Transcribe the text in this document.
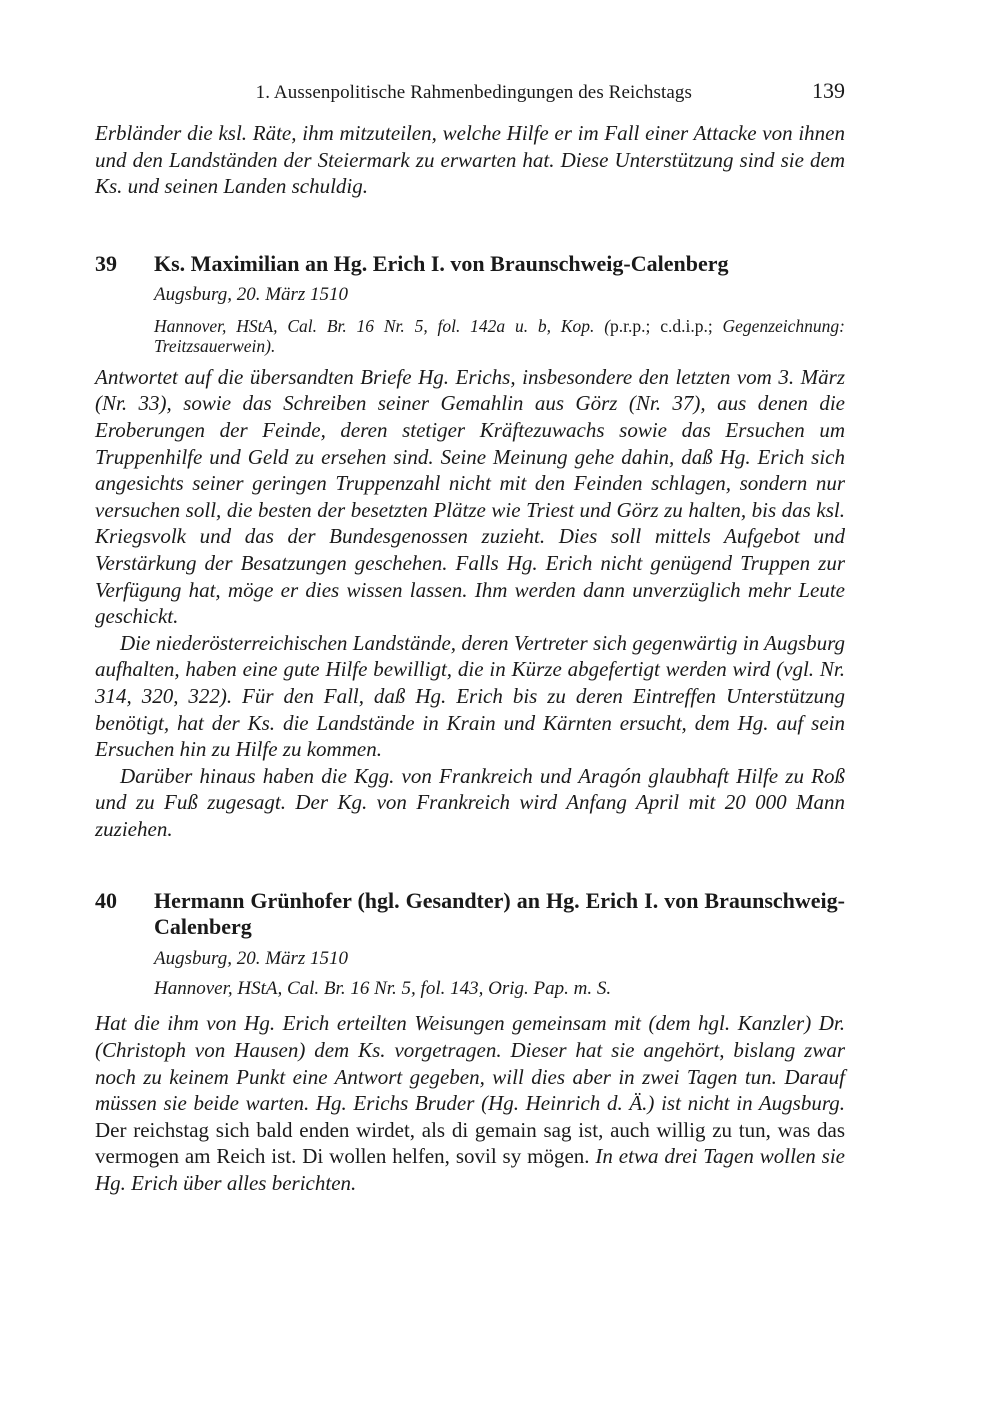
1. Aussenpolitische Rahmenbedingungen des Reichstags	139

Erbländer die ksl. Räte, ihm mitzuteilen, welche Hilfe er im Fall einer Attacke von ihnen und den Landständen der Steiermark zu erwarten hat. Diese Unterstützung sind sie dem Ks. und seinen Landen schuldig.

39	Ks. Maximilian an Hg. Erich I. von Braunschweig-Calenberg
Augsburg, 20. März 1510
Hannover, HStA, Cal. Br. 16 Nr. 5, fol. 142a u. b, Kop. (p.r.p.; c.d.i.p.; Gegenzeichnung: Treitzsauerwein).

Antwortet auf die übersandten Briefe Hg. Erichs, insbesondere den letzten vom 3. März (Nr. 33), sowie das Schreiben seiner Gemahlin aus Görz (Nr. 37), aus denen die Eroberungen der Feinde, deren stetiger Kräftezuwachs sowie das Ersuchen um Truppenhilfe und Geld zu ersehen sind. Seine Meinung gehe dahin, daß Hg. Erich sich angesichts seiner geringen Truppenzahl nicht mit den Feinden schlagen, sondern nur versuchen soll, die besten der besetzten Plätze wie Triest und Görz zu halten, bis das ksl. Kriegsvolk und das der Bundesgenossen zuzieht. Dies soll mittels Aufgebot und Verstärkung der Besatzungen geschehen. Falls Hg. Erich nicht genügend Truppen zur Verfügung hat, möge er dies wissen lassen. Ihm werden dann unverzüglich mehr Leute geschickt.

Die niederösterreichischen Landstände, deren Vertreter sich gegenwärtig in Augsburg aufhalten, haben eine gute Hilfe bewilligt, die in Kürze abgefertigt werden wird (vgl. Nr. 314, 320, 322). Für den Fall, daß Hg. Erich bis zu deren Eintreffen Unterstützung benötigt, hat der Ks. die Landstände in Krain und Kärnten ersucht, dem Hg. auf sein Ersuchen hin zu Hilfe zu kommen.

Darüber hinaus haben die Kgg. von Frankreich und Aragón glaubhaft Hilfe zu Roß und zu Fuß zugesagt. Der Kg. von Frankreich wird Anfang April mit 20 000 Mann zuziehen.

40	Hermann Grünhofer (hgl. Gesandter) an Hg. Erich I. von Braunschweig-Calenberg
Augsburg, 20. März 1510
Hannover, HStA, Cal. Br. 16 Nr. 5, fol. 143, Orig. Pap. m. S.

Hat die ihm von Hg. Erich erteilten Weisungen gemeinsam mit (dem hgl. Kanzler) Dr. (Christoph von Hausen) dem Ks. vorgetragen. Dieser hat sie angehört, bislang zwar noch zu keinem Punkt eine Antwort gegeben, will dies aber in zwei Tagen tun. Darauf müssen sie beide warten. Hg. Erichs Bruder (Hg. Heinrich d. Ä.) ist nicht in Augsburg. Der reichstag sich bald enden wirdet, als di gemain sag ist, auch willig zu tun, was das vermogen am Reich ist. Di wollen helfen, sovil sy mögen. In etwa drei Tagen wollen sie Hg. Erich über alles berichten.
